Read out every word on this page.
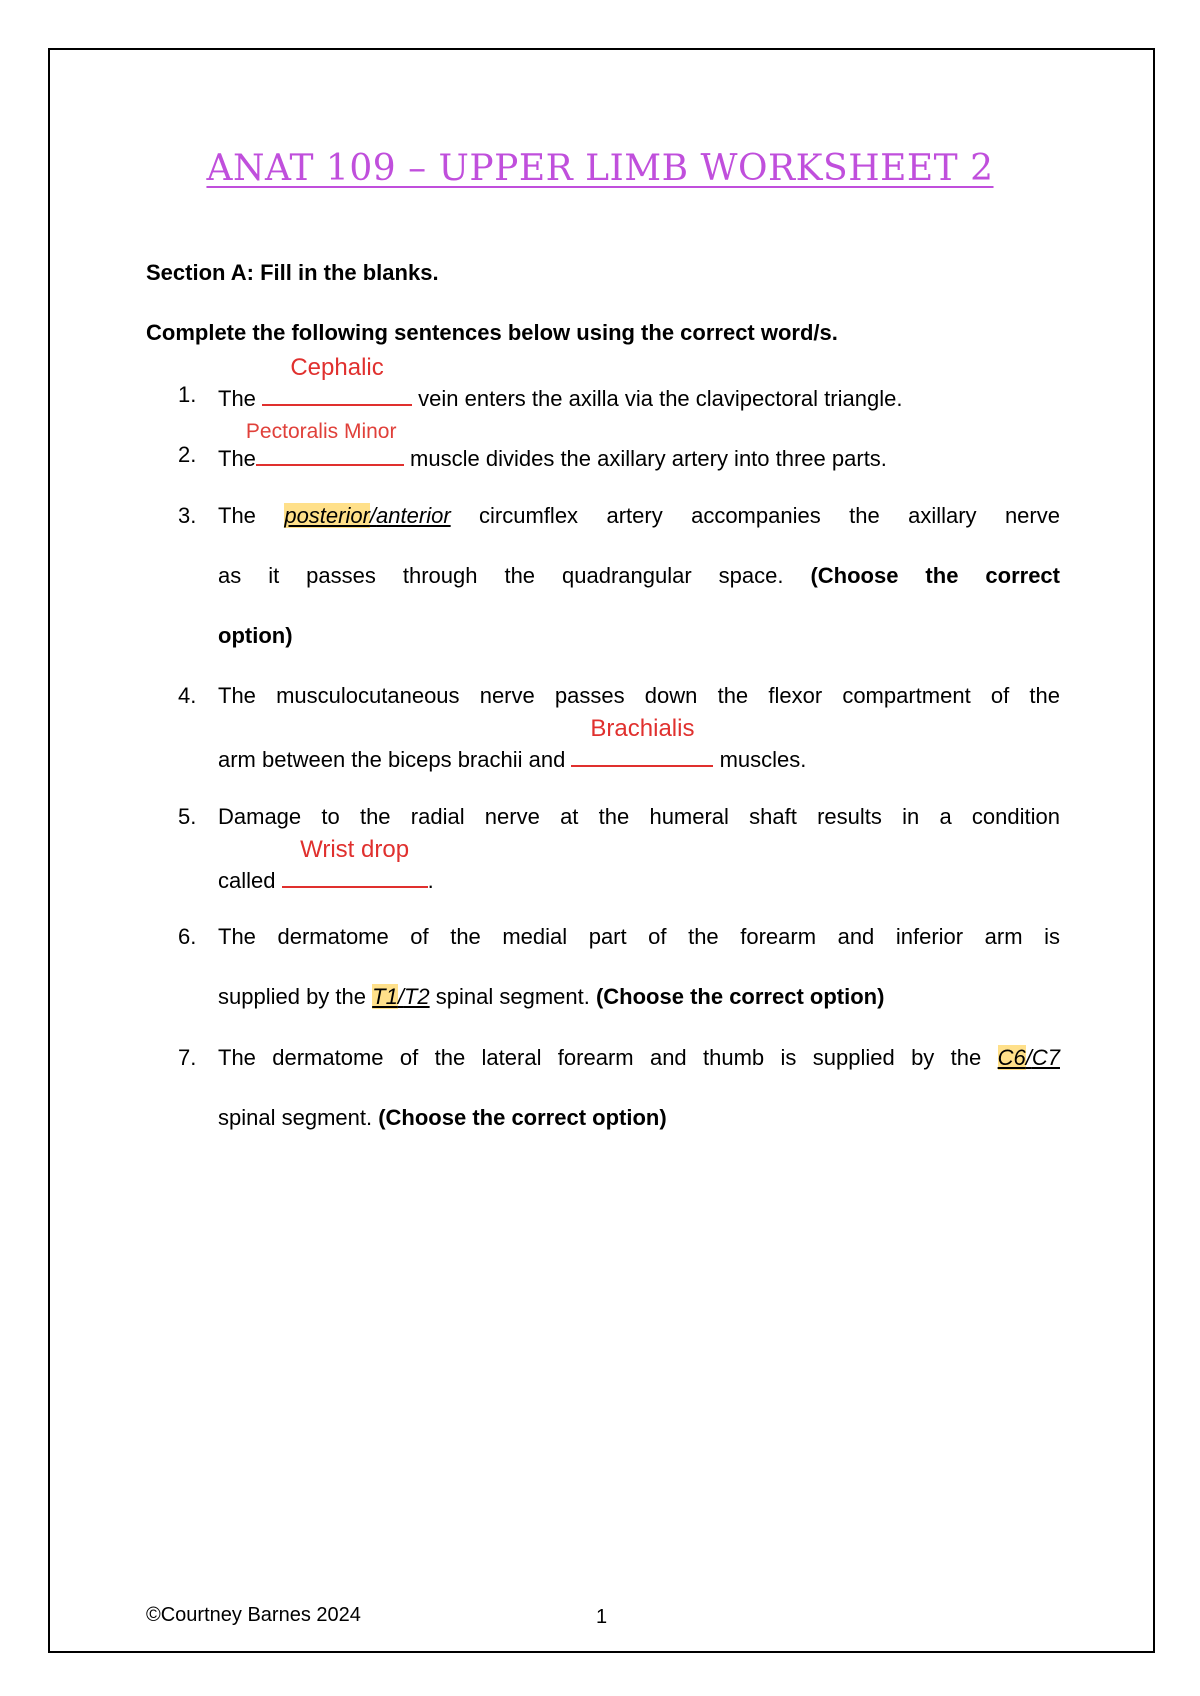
ANAT 109 – UPPER LIMB WORKSHEET 2
Section A: Fill in the blanks.
Complete the following sentences below using the correct word/s.
1. The
Cephalic
vein enters the axilla via the clavipectoral triangle.
2. The
Pectoralis Minor
muscle divides the axillary artery into three parts.
3. The posterior/anterior circumflex artery accompanies the axillary nerve
as it passes through the quadrangular space. (Choose the correct
option)
4. The musculocutaneous nerve passes down the flexor compartment of the
arm between the biceps brachii and
Brachialis
muscles.
5. Damage to the radial nerve at the humeral shaft results in a condition
called
Wrist drop
.
6. The dermatome of the medial part of the forearm and inferior arm is
supplied by the T1/T2 spinal segment. (Choose the correct option)
7. The dermatome of the lateral forearm and thumb is supplied by the C6/C7
spinal segment. (Choose the correct option)
©Courtney Barnes 2024	1
